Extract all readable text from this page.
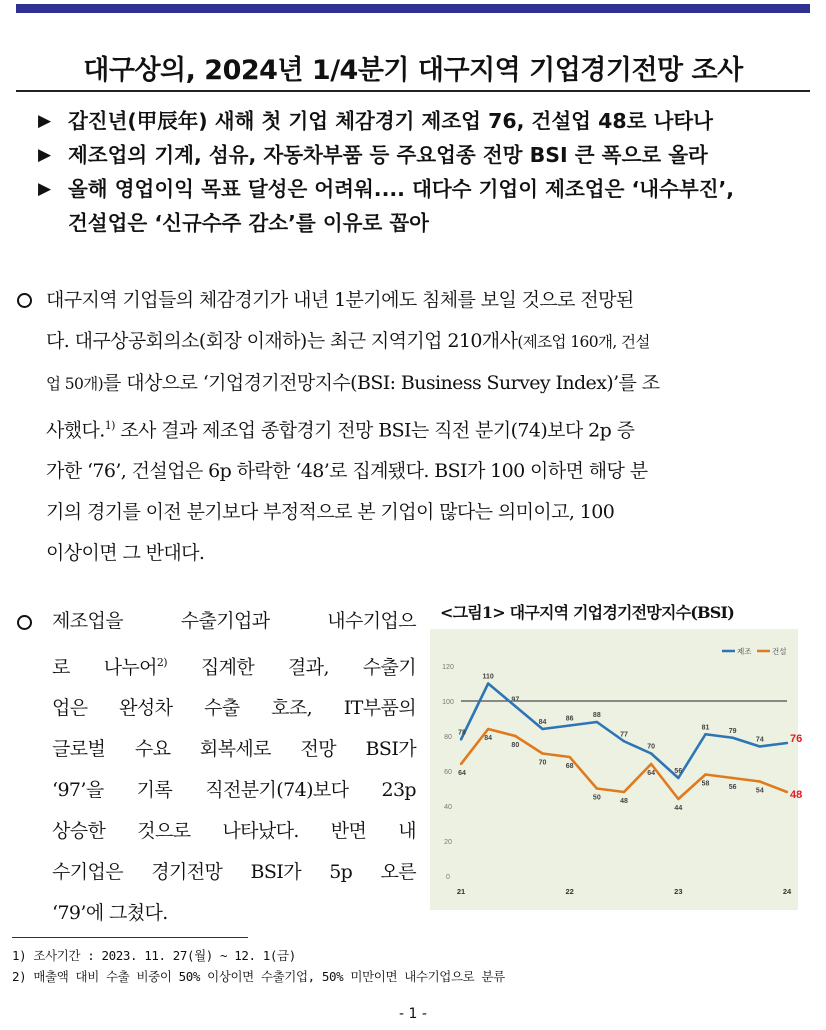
대구상의, 2024년 1/4분기 대구지역 기업경기전망 조사
▶ 갑진년(甲辰年) 새해 첫 기업 체감경기 제조업 76, 건설업 48로 나타나
▶ 제조업의 기계, 섬유, 자동차부품 등 주요업종 전망 BSI 큰 폭으로 올라
▶ 올해 영업이익 목표 달성은 어려워.... 대다수 기업이 제조업은 ‘내수부진’,
건설업은 ‘신규수주 감소’를 이유로 꼽아
대구지역 기업들의 체감경기가 내년 1분기에도 침체를 보일 것으로 전망된
다. 대구상공회의소(회장 이재하)는 최근 지역기업 210개사(제조업 160개, 건설
업 50개)를 대상으로 ‘기업경기전망지수(BSI: Business Survey Index)’를 조
사했다.$^{1)}$ 조사 결과 제조업 종합경기 전망 BSI는 직전 분기(74)보다 2p 증
가한 ‘76’, 건설업은 6p 하락한 ‘48’로 집계됐다. BSI가 100 이하면 해당 분
기의 경기를 이전 분기보다 부정적으로 본 기업이 많다는 의미이고, 100
이상이면 그 반대다.
제조업을 수출기업과 내수기업으
로 나누어$^{2)}$ 집계한 결과, 수출기
업은 완성차 수출 호조, IT부품의
글로벌 수요 회복세로 전망 BSI가
‘97’을 기록 직전분기(74)보다 23p
상승한 것으로 나타났다. 반면 내
수기업은 경기전망 BSI가 5p 오른
‘79’에 그쳤다.
<그림1> 대구지역 기업경기전망지수(BSI)
0
20
40
60
80
100
120
21	22	23	24
78
110
97
84	86	88
77
70
56
81	79
74 76
64
84
80
70	68
50	48
64
44
58	56	54 48
제조	건설
1) 조사기간 : 2023. 11. 27(월) ~ 12. 1(금)
2) 매출액 대비 수출 비중이 50% 이상이면 수출기업, 50% 미만이면 내수기업으로 분류
- 1 -
